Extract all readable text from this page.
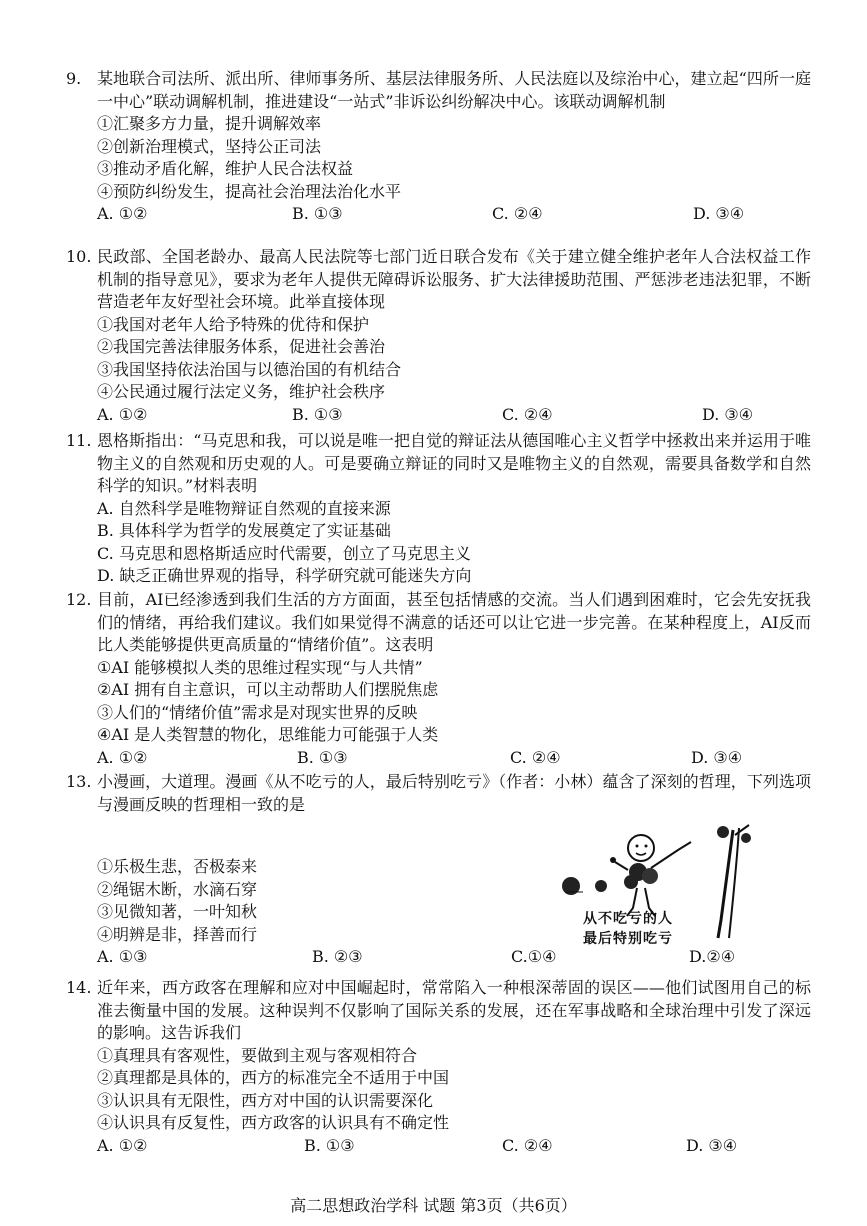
9. 某地联合司法所、派出所、律师事务所、基层法律服务所、人民法庭以及综治中心，建立起“四所一庭一中心”联动调解机制，推进建设“一站式”非诉讼纠纷解决中心。该联动调解机制
①汇聚多方力量，提升调解效率
②创新治理模式，坚持公正司法
③推动矛盾化解，维护人民合法权益
④预防纠纷发生，提高社会治理法治化水平
A. ①②	B. ①③	C. ②④	D. ③④
10. 民政部、全国老龄办、最高人民法院等七部门近日联合发布《关于建立健全维护老年人合法权益工作机制的指导意见》，要求为老年人提供无障碍诉讼服务、扩大法律援助范围、严惩涉老违法犯罪，不断营造老年友好型社会环境。此举直接体现
①我国对老年人给予特殊的优待和保护
②我国完善法律服务体系，促进社会善治
③我国坚持依法治国与以德治国的有机结合
④公民通过履行法定义务，维护社会秩序
A. ①②	B. ①③	C. ②④	D. ③④
11. 恩格斯指出：“马克思和我，可以说是唯一把自觉的辩证法从德国唯心主义哲学中拯救出来并运用于唯物主义的自然观和历史观的人。可是要确立辩证的同时又是唯物主义的自然观，需要具备数学和自然科学的知识。”材料表明
A. 自然科学是唯物辩证自然观的直接来源
B. 具体科学为哲学的发展奠定了实证基础
C. 马克思和恩格斯适应时代需要，创立了马克思主义
D. 缺乏正确世界观的指导，科学研究就可能迷失方向
12. 目前，AI已经渗透到我们生活的方方面面，甚至包括情感的交流。当人们遇到困难时，它会先安抚我们的情绪，再给我们建议。我们如果觉得不满意的话还可以让它进一步完善。在某种程度上，AI反而比人类能够提供更高质量的“情绪价值”。这表明
①AI 能够模拟人类的思维过程实现“与人共情”
②AI 拥有自主意识，可以主动帮助人们摆脱焦虑
③人们的“情绪价值”需求是对现实世界的反映
④AI 是人类智慧的物化，思维能力可能强于人类
A. ①②	B. ①③	C. ②④	D. ③④
13. 小漫画，大道理。漫画《从不吃亏的人，最后特别吃亏》（作者：小林）蕴含了深刻的哲理，下列选项与漫画反映的哲理相一致的是
①乐极生悲，否极泰来
②绳锯木断，水滴石穿
③见微知著，一叶知秋
④明辨是非，择善而行
A. ①③	B. ②③	C.①④	D.②④
从不吃亏的人
最后特别吃亏
14. 近年来，西方政客在理解和应对中国崛起时，常常陷入一种根深蒂固的误区——他们试图用自己的标准去衡量中国的发展。这种误判不仅影响了国际关系的发展，还在军事战略和全球治理中引发了深远的影响。这告诉我们
①真理具有客观性，要做到主观与客观相符合
②真理都是具体的，西方的标准完全不适用于中国
③认识具有无限性，西方对中国的认识需要深化
④认识具有反复性，西方政客的认识具有不确定性
A. ①②	B. ①③	C. ②④	D. ③④
高二思想政治学科 试题 第3页（共6页）
